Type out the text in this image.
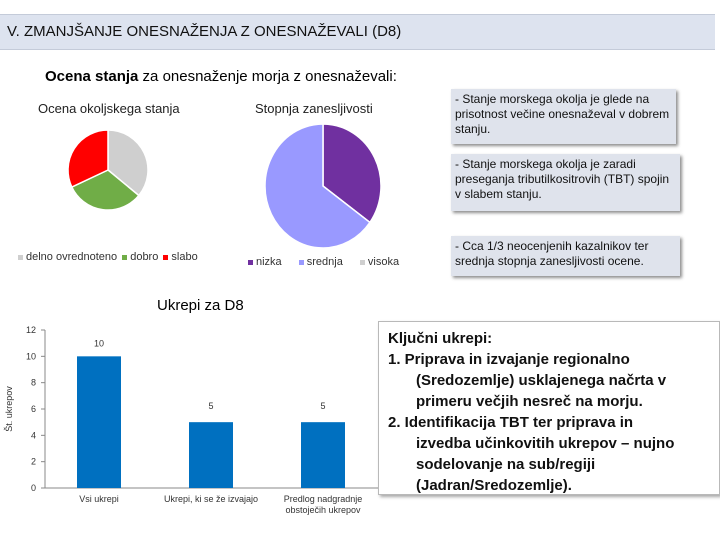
V. ZMANJŠANJE ONESNAŽENJA Z ONESNAŽEVALI (D8)
Ocena stanja za onesnaženje morja z onesnaževali:
Ocena okoljskega stanja
delno ovrednoteno dobro slabo
Stopnja zanesljivosti
nizka srednja visoka
- Stanje morskega okolja je glede na prisotnost večine onesnaževal v dobrem stanju.
- Stanje morskega okolja je zaradi preseganja tributilkositrovih (TBT) spojin v slabem stanju.
- Cca 1/3 neocenjenih kazalnikov ter srednja stopnja zanesljivosti ocene.
Ukrepi za D8
0
2
4
6
8
10
12
Št. ukrepov
10
5	5
Vsi ukrepi	Ukrepi, ki se že izvajajo	Predlog nadgradnje obstoječih ukrepov
Ključni ukrepi:
1. Priprava in izvajanje regionalno
(Sredozemlje) usklajenega načrta v
primeru večjih nesreč na morju.
2. Identifikacija TBT ter priprava in
izvedba učinkovitih ukrepov – nujno
sodelovanje na sub/regiji
(Jadran/Sredozemlje).
